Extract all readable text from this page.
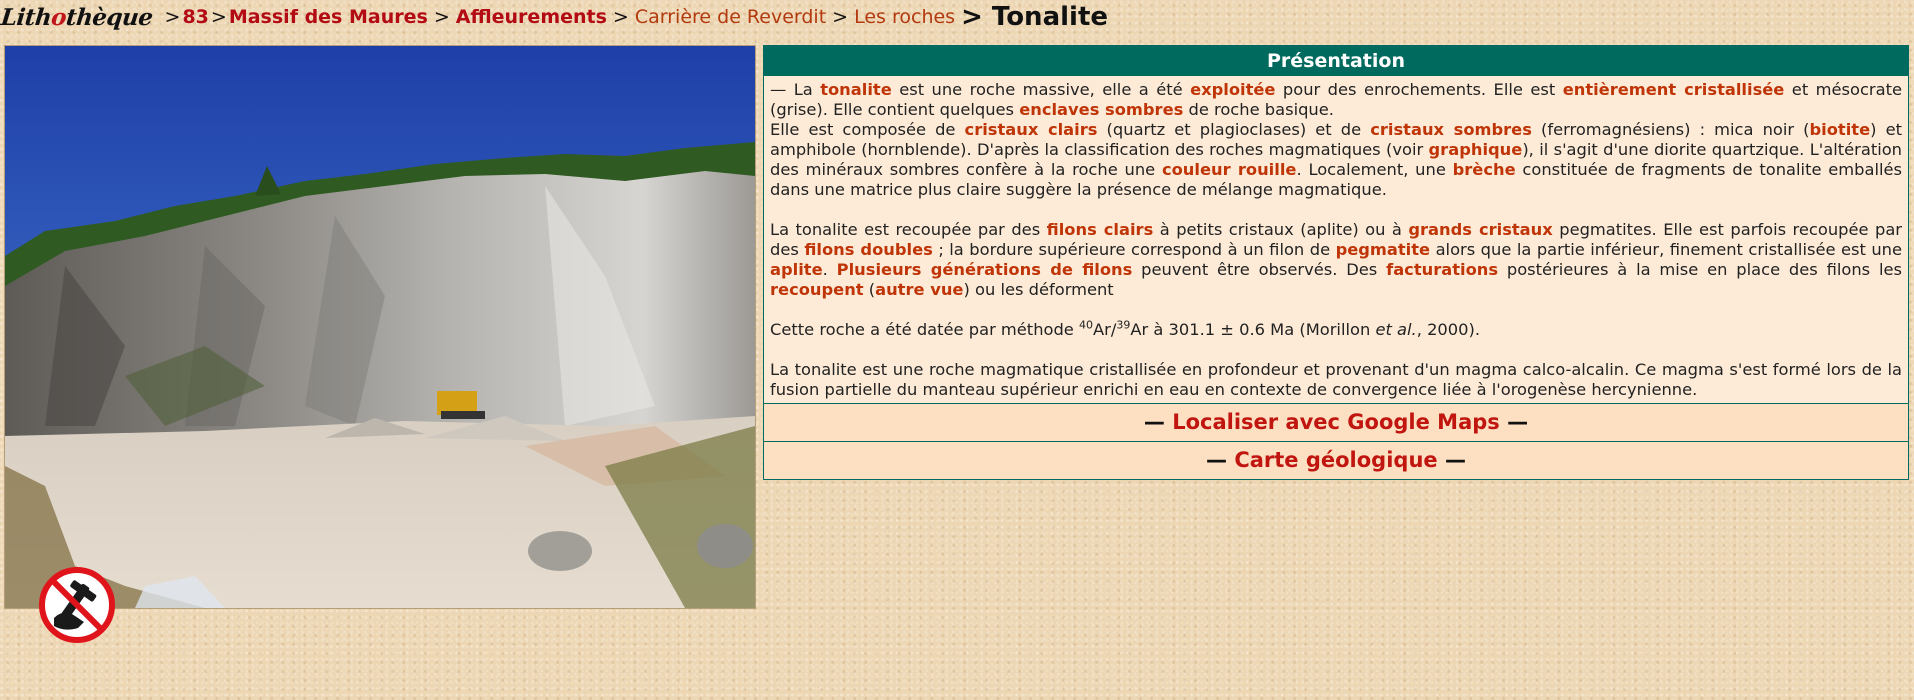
Lithothèque > 83 > Massif des Maures > Affleurements > Carrière de Reverdit > Les roches > Tonalite
Présentation

— La tonalite est une roche massive, elle a été exploitée pour des enrochements. Elle est entièrement cristallisée et mésocrate (grise). Elle contient quelques enclaves sombres de roche basique.
Elle est composée de cristaux clairs (quartz et plagioclases) et de cristaux sombres (ferromagnésiens) : mica noir (biotite) et amphibole (hornblende). D'après la classification des roches magmatiques (voir graphique), il s'agit d'une diorite quartzique. L'altération des minéraux sombres confère à la roche une couleur rouille. Localement, une brèche constituée de fragments de tonalite emballés dans une matrice plus claire suggère la présence de mélange magmatique.

La tonalite est recoupée par des filons clairs à petits cristaux (aplite) ou à grands cristaux pegmatites. Elle est parfois recoupée par des filons doubles ; la bordure supérieure correspond à un filon de pegmatite alors que la partie inférieur, finement cristallisée est une aplite. Plusieurs générations de filons peuvent être observés. Des facturations postérieures à la mise en place des filons les recoupent (autre vue) ou les déforment

Cette roche a été datée par méthode $^{40}$Ar/$^{39}$Ar à 301.1 ± 0.6 Ma (Morillon et al., 2000).

La tonalite est une roche magmatique cristallisée en profondeur et provenant d'un magma calco-alcalin. Ce magma s'est formé lors de la fusion partielle du manteau supérieur enrichi en eau en contexte de convergence liée à l'orogenèse hercynienne.

— Localiser avec Google Maps —
— Carte géologique —
